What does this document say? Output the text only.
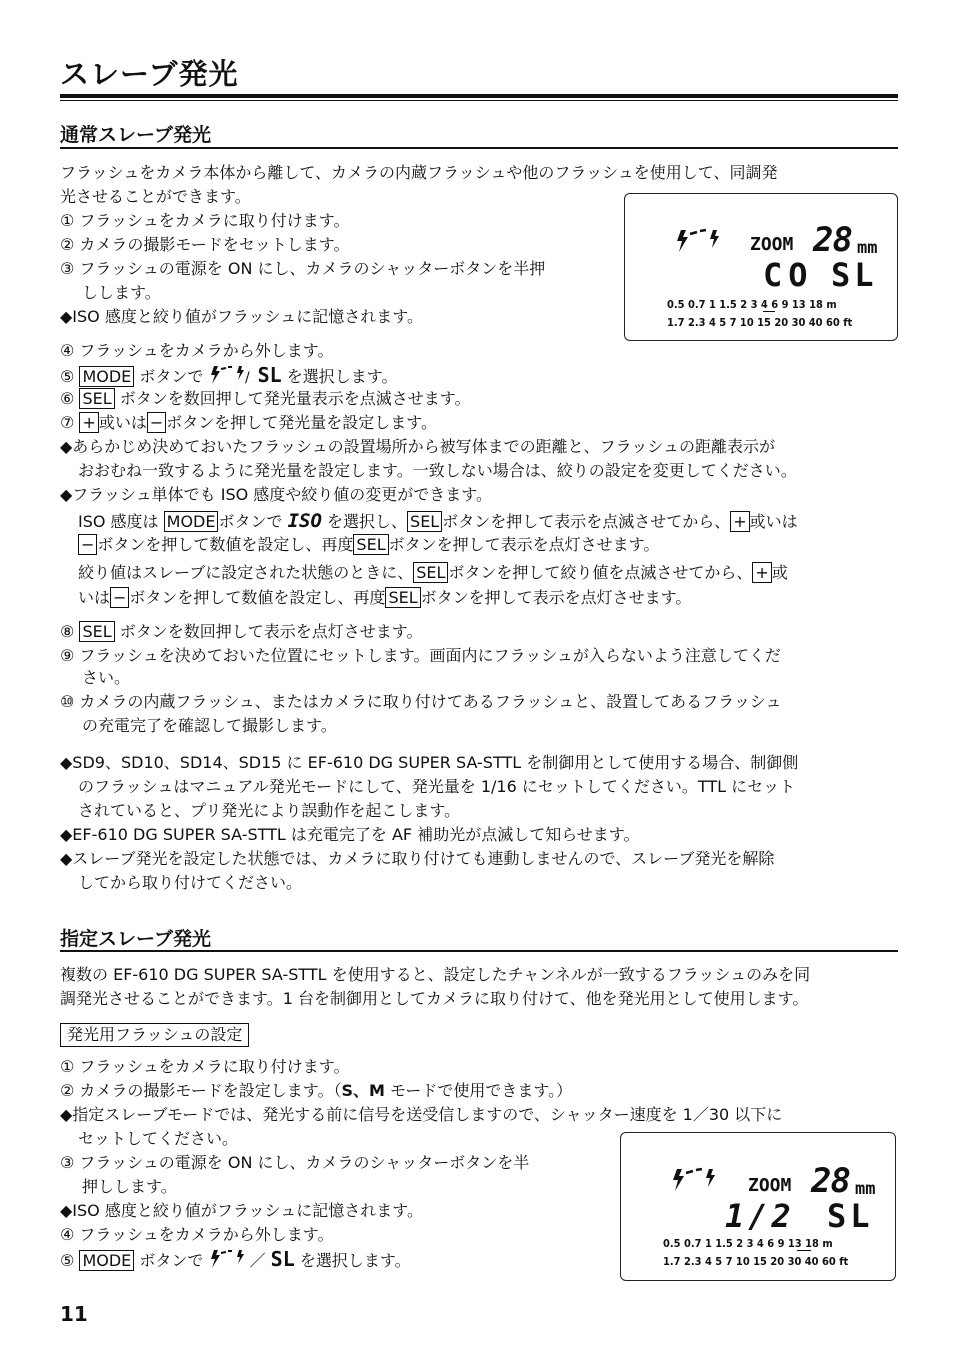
スレーブ発光
通常スレーブ発光
フラッシュをカメラ本体から離して、カメラの内蔵フラッシュや他のフラッシュを使用して、同調発
光させることができます。
① フラッシュをカメラに取り付けます。
② カメラの撮影モードをセットします。
③ フラッシュの電源を ON にし、カメラのシャッターボタンを半押
しします。
◆ISO 感度と絞り値がフラッシュに記憶されます。
ZOOM 28 mm
CO SL
0.5 0.7 1 1.5 2 3 4 6 9 13 18 m
1.7 2.3 4 5 7 10 15 20 30 40 60 ft
④ フラッシュをカメラから外します。
⑤ MODE ボタンで	/ SL を選択します。
⑥ SEL ボタンを数回押して発光量表示を点滅させます。
⑦ + 或いは − ボタンを押して発光量を設定します。
◆あらかじめ決めておいたフラッシュの設置場所から被写体までの距離と、フラッシュの距離表示が
おおむね一致するように発光量を設定します。一致しない場合は、絞りの設定を変更してください。
◆フラッシュ単体でも ISO 感度や絞り値の変更ができます。
ISO 感度は MODE ボタンで ISO を選択し、 SEL ボタンを押して表示を点滅させてから、 + 或いは
− ボタンを押して数値を設定し、再度 SEL ボタンを押して表示を点灯させます。
絞り値はスレーブに設定された状態のときに、 SEL ボタンを押して絞り値を点滅させてから、 + 或
いは − ボタンを押して数値を設定し、再度 SEL ボタンを押して表示を点灯させます。
⑧ SEL ボタンを数回押して表示を点灯させます。
⑨ フラッシュを決めておいた位置にセットします。画面内にフラッシュが入らないよう注意してくだ
さい。
⑩ カメラの内蔵フラッシュ、またはカメラに取り付けてあるフラッシュと、設置してあるフラッシュ
の充電完了を確認して撮影します。
◆SD9、SD10、SD14、SD15 に EF-610 DG SUPER SA-STTL を制御用として使用する場合、制御側
のフラッシュはマニュアル発光モードにして、発光量を 1/16 にセットしてください。TTL にセット
されていると、プリ発光により誤動作を起こします。
◆EF-610 DG SUPER SA-STTL は充電完了を AF 補助光が点滅して知らせます。
◆スレーブ発光を設定した状態では、カメラに取り付けても連動しませんので、スレーブ発光を解除
してから取り付けてください。
指定スレーブ発光
複数の EF-610 DG SUPER SA-STTL を使用すると、設定したチャンネルが一致するフラッシュのみを同
調発光させることができます。1 台を制御用としてカメラに取り付けて、他を発光用として使用します。
発光用フラッシュの設定
① フラッシュをカメラに取り付けます。
② カメラの撮影モードを設定します。（S、M モードで使用できます。）
◆指定スレーブモードでは、発光する前に信号を送受信しますので、シャッター速度を 1／30 以下に
セットしてください。
③ フラッシュの電源を ON にし、カメラのシャッターボタンを半
押しします。
◆ISO 感度と絞り値がフラッシュに記憶されます。
④ フラッシュをカメラから外します。
⑤ MODE ボタンで	／ SL を選択します。
ZOOM 28 mm
1/2 SL
0.5 0.7 1 1.5 2 3 4 6 9 13 18 m
1.7 2.3 4 5 7 10 15 20 30 40 60 ft
11
